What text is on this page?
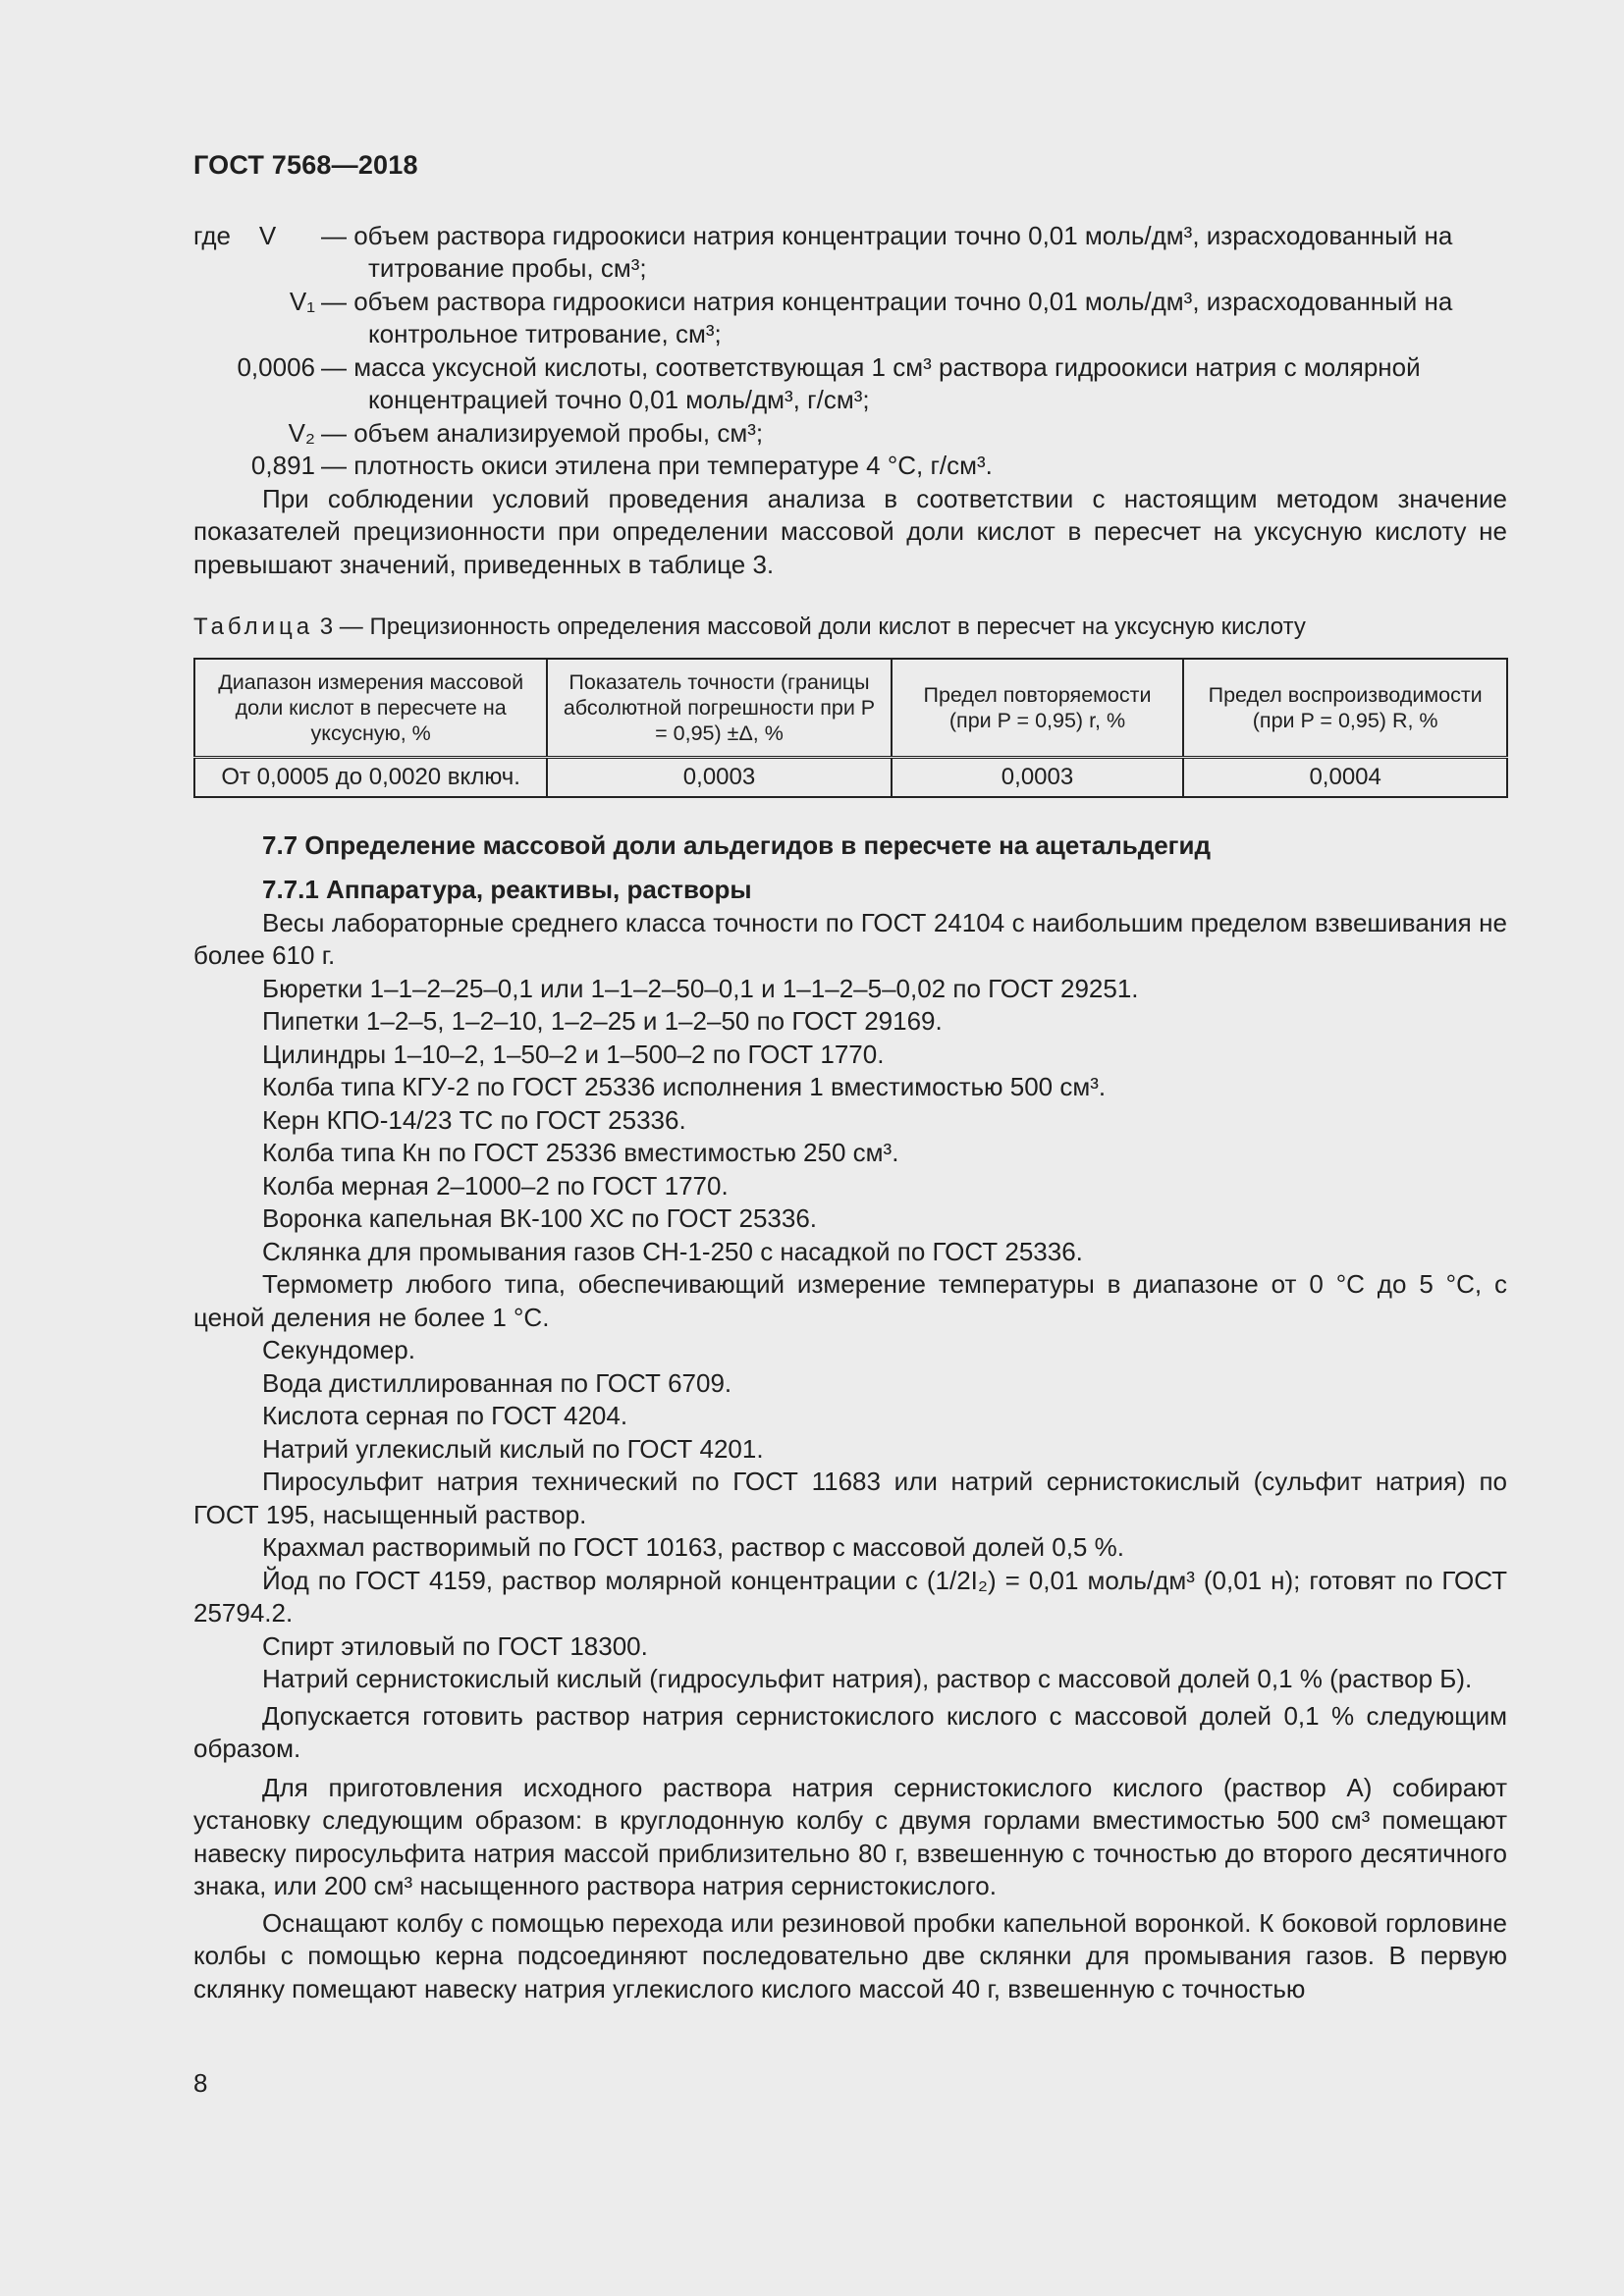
ГОСТ 7568—2018
где    V	— объем раствора гидроокиси натрия концентрации точно 0,01 моль/дм³, израсходованный на
титрование пробы, см³;
V₁ — объем раствора гидроокиси натрия концентрации точно 0,01 моль/дм³, израсходованный на
контрольное титрование, см³;
0,0006 — масса уксусной кислоты, соответствующая 1 см³ раствора гидроокиси натрия с молярной
концентрацией точно 0,01 моль/дм³, г/см³;
V₂ — объем анализируемой пробы, см³;
0,891 — плотность окиси этилена при температуре 4 °С, г/см³.

При соблюдении условий проведения анализа в соответствии с настоящим методом значение показателей прецизионности при определении массовой доли кислот в пересчет на уксусную кислоту не превышают значений, приведенных в таблице 3.

Таблица 3 — Прецизионность определения массовой доли кислот в пересчет на уксусную кислоту
Диапазон измерения массовой доли кислот в пересчете на уксусную, %	Показатель точности (границы абсолютной погрешности при P = 0,95) ±Δ, %	Предел повторяемости (при P = 0,95) r, %	Предел воспроизводимости (при P = 0,95) R, %
От 0,0005 до 0,0020 включ.	0,0003	0,0003	0,0004
7.7 Определение массовой доли альдегидов в пересчете на ацетальдегид
7.7.1 Аппаратура, реактивы, растворы

Весы лабораторные среднего класса точности по ГОСТ 24104 с наибольшим пределом взвешивания не более 610 г.

Бюретки 1–1–2–25–0,1 или 1–1–2–50–0,1 и 1–1–2–5–0,02 по ГОСТ 29251.

Пипетки 1–2–5, 1–2–10, 1–2–25 и 1–2–50 по ГОСТ 29169.

Цилиндры 1–10–2, 1–50–2 и 1–500–2 по ГОСТ 1770.

Колба типа КГУ-2 по ГОСТ 25336 исполнения 1 вместимостью 500 см³.

Керн КПО-14/23 ТС по ГОСТ 25336.

Колба типа Кн по ГОСТ 25336 вместимостью 250 см³.

Колба мерная 2–1000–2 по ГОСТ 1770.

Воронка капельная ВК-100 ХС по ГОСТ 25336.

Склянка для промывания газов СН-1-250 с насадкой по ГОСТ 25336.

Термометр любого типа, обеспечивающий измерение температуры в диапазоне от 0 °С до 5 °С, с ценой деления не более 1 °С.

Секундомер.

Вода дистиллированная по ГОСТ 6709.

Кислота серная по ГОСТ 4204.

Натрий углекислый кислый по ГОСТ 4201.

Пиросульфит натрия технический по ГОСТ 11683 или натрий сернистокислый (сульфит натрия) по ГОСТ 195, насыщенный раствор.

Крахмал растворимый по ГОСТ 10163, раствор с массовой долей 0,5 %.

Йод по ГОСТ 4159, раствор молярной концентрации с (1/2I₂) = 0,01 моль/дм³ (0,01 н); готовят по ГОСТ 25794.2.

Спирт этиловый по ГОСТ 18300.

Натрий сернистокислый кислый (гидросульфит натрия), раствор с массовой долей 0,1 % (раствор Б).

Допускается готовить раствор натрия сернистокислого кислого с массовой долей 0,1 % следующим образом.

Для приготовления исходного раствора натрия сернистокислого кислого (раствор А) собирают установку следующим образом: в круглодонную колбу с двумя горлами вместимостью 500 см³ помещают навеску пиросульфита натрия массой приблизительно 80 г, взвешенную с точностью до второго десятичного знака, или 200 см³ насыщенного раствора натрия сернистокислого.

Оснащают колбу с помощью перехода или резиновой пробки капельной воронкой. К боковой горловине колбы с помощью керна подсоединяют последовательно две склянки для промывания газов. В первую склянку помещают навеску натрия углекислого кислого массой 40 г, взвешенную с точностью

8
